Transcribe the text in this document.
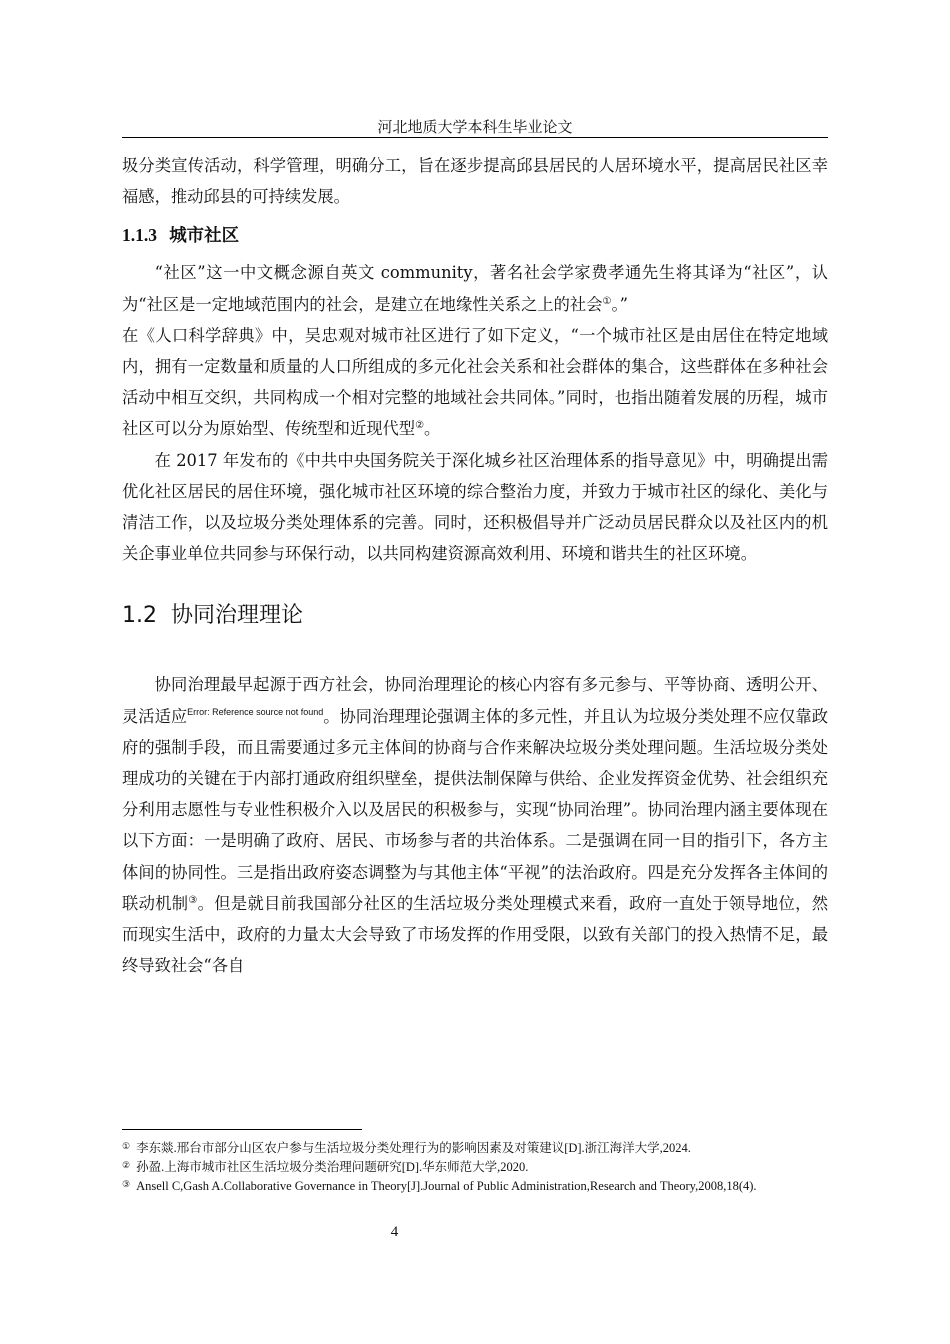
河北地质大学本科生毕业论文

圾分类宣传活动，科学管理，明确分工，旨在逐步提高邱县居民的人居环境水平，提高居民社区幸福感，推动邱县的可持续发展。

1.1.3 城市社区

“社区”这一中文概念源自英文 community，著名社会学家费孝通先生将其译为“社区”，认为“社区是一定地域范围内的社会，是建立在地缘性关系之上的社会①。”

在《人口科学辞典》中，吴忠观对城市社区进行了如下定义，“一个城市社区是由居住在特定地域内，拥有一定数量和质量的人口所组成的多元化社会关系和社会群体的集合，这些群体在多种社会活动中相互交织，共同构成一个相对完整的地域社会共同体。”同时，也指出随着发展的历程，城市社区可以分为原始型、传统型和近现代型②。

在 2017 年发布的《中共中央国务院关于深化城乡社区治理体系的指导意见》中，明确提出需优化社区居民的居住环境，强化城市社区环境的综合整治力度，并致力于城市社区的绿化、美化与清洁工作，以及垃圾分类处理体系的完善。同时，还积极倡导并广泛动员居民群众以及社区内的机关企事业单位共同参与环保行动，以共同构建资源高效利用、环境和谐共生的社区环境。

1.2 协同治理理论

协同治理最早起源于西方社会，协同治理理论的核心内容有多元参与、平等协商、透明公开、灵活适应$^{Error: Reference source not found}$。协同治理理论强调主体的多元性，并且认为垃圾分类处理不应仅靠政府的强制手段，而且需要通过多元主体间的协商与合作来解决垃圾分类处理问题。生活垃圾分类处理成功的关键在于内部打通政府组织壁垒，提供法制保障与供给、企业发挥资金优势、社会组织充分利用志愿性与专业性积极介入以及居民的积极参与，实现“协同治理”。协同治理内涵主要体现在以下方面：一是明确了政府、居民、市场参与者的共治体系。二是强调在同一目的指引下，各方主体间的协同性。三是指出政府姿态调整为与其他主体“平视”的法治政府。四是充分发挥各主体间的联动机制③。但是就目前我国部分社区的生活垃圾分类处理模式来看，政府一直处于领导地位，然而现实生活中，政府的力量太大会导致了市场发挥的作用受限，以致有关部门的投入热情不足，最终导致社会“各自

① 李东燚.邢台市部分山区农户参与生活垃圾分类处理行为的影响因素及对策建议[D].浙江海洋大学,2024.
② 孙盈.上海市城市社区生活垃圾分类治理问题研究[D].华东师范大学,2020.
③ Ansell C,Gash A.Collaborative Governance in Theory[J].Journal of Public Administration,Research and Theory,2008,18(4).
4
